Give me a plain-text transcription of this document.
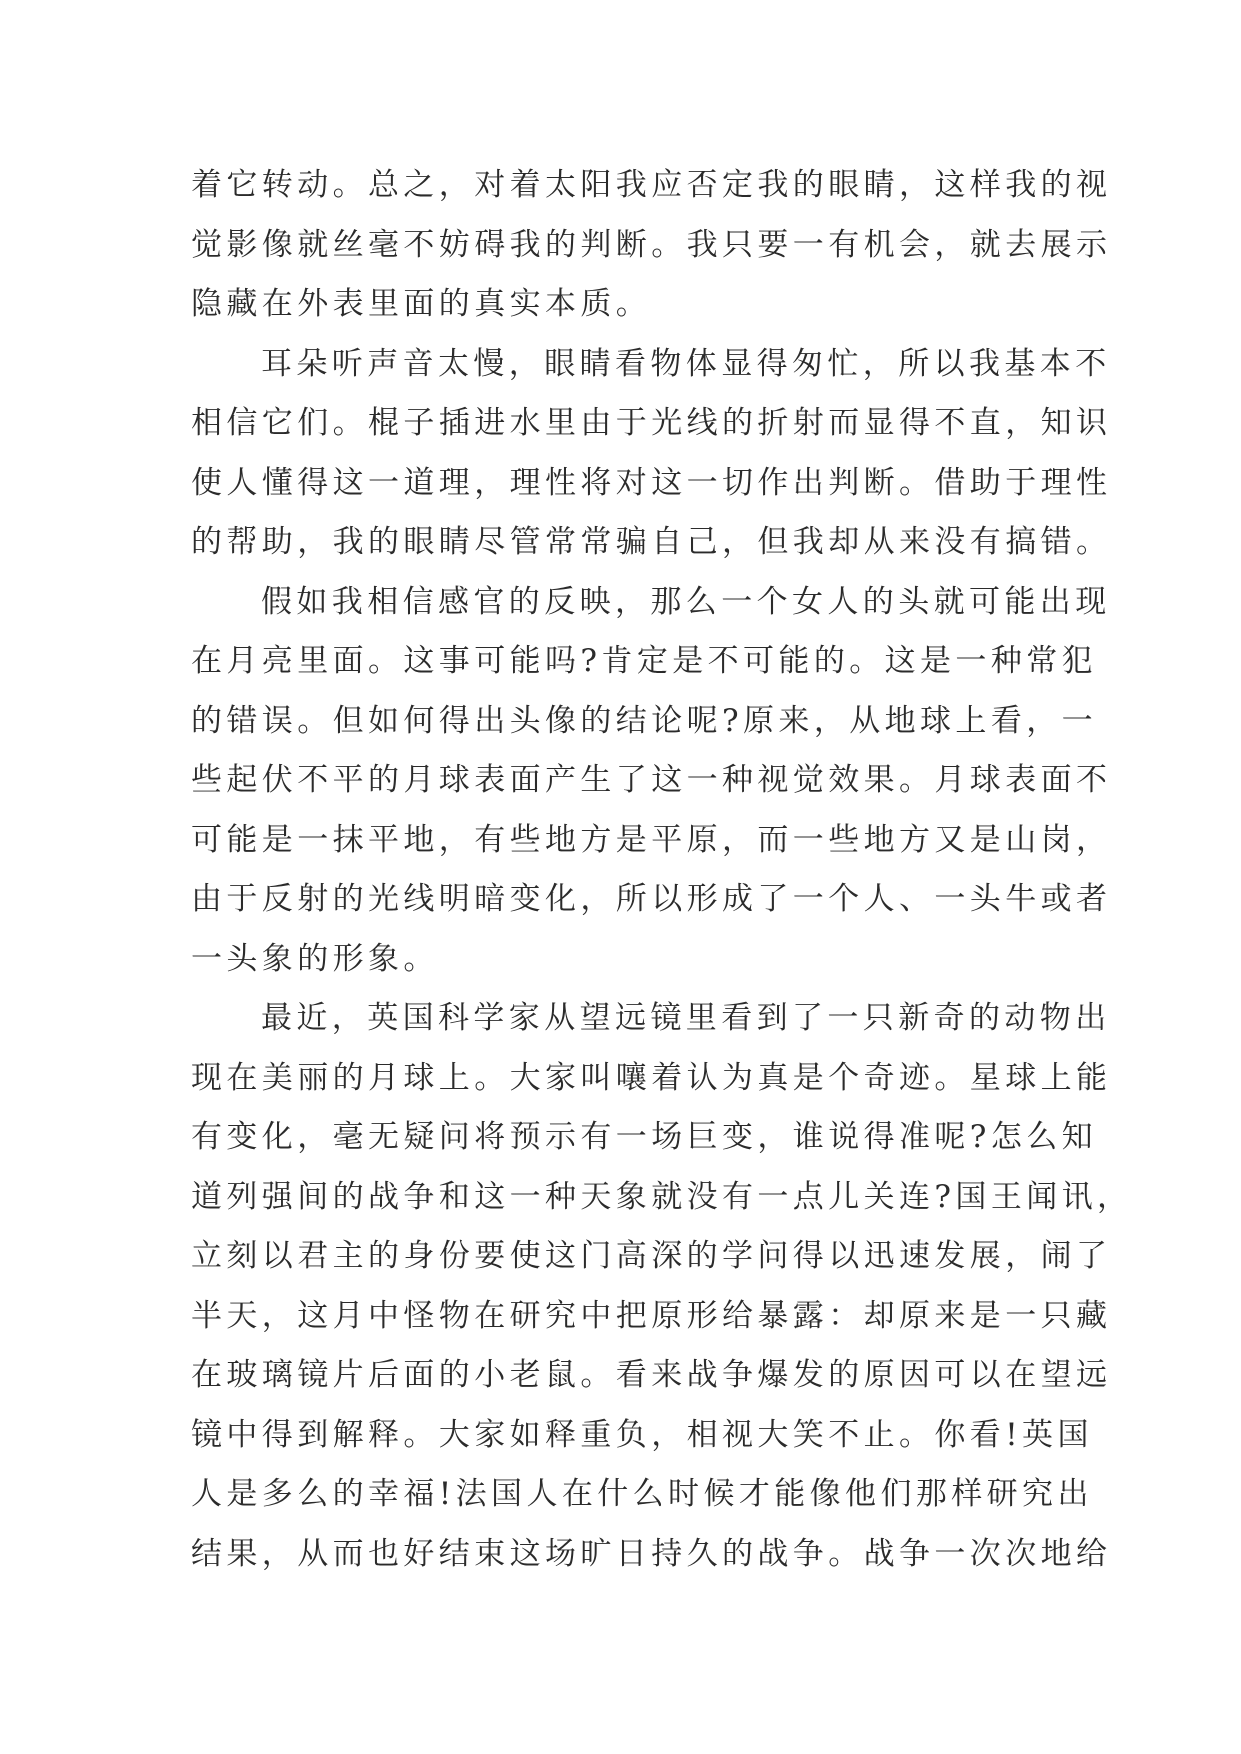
着它转动。总之，对着太阳我应否定我的眼睛，这样我的视
觉影像就丝毫不妨碍我的判断。我只要一有机会，就去展示
隐藏在外表里面的真实本质。
耳朵听声音太慢，眼睛看物体显得匆忙，所以我基本不
相信它们。棍子插进水里由于光线的折射而显得不直，知识
使人懂得这一道理，理性将对这一切作出判断。借助于理性
的帮助，我的眼睛尽管常常骗自己，但我却从来没有搞错。
假如我相信感官的反映，那么一个女人的头就可能出现
在月亮里面。这事可能吗?肯定是不可能的。这是一种常犯
的错误。但如何得出头像的结论呢?原来，从地球上看，一
些起伏不平的月球表面产生了这一种视觉效果。月球表面不
可能是一抹平地，有些地方是平原，而一些地方又是山岗，
由于反射的光线明暗变化，所以形成了一个人、一头牛或者
一头象的形象。
最近，英国科学家从望远镜里看到了一只新奇的动物出
现在美丽的月球上。大家叫嚷着认为真是个奇迹。星球上能
有变化，毫无疑问将预示有一场巨变，谁说得准呢?怎么知
道列强间的战争和这一种天象就没有一点儿关连?国王闻讯，
立刻以君主的身份要使这门高深的学问得以迅速发展，闹了
半天，这月中怪物在研究中把原形给暴露：却原来是一只藏
在玻璃镜片后面的小老鼠。看来战争爆发的原因可以在望远
镜中得到解释。大家如释重负，相视大笑不止。你看!英国
人是多么的幸福!法国人在什么时候才能像他们那样研究出
结果，从而也好结束这场旷日持久的战争。战争一次次地给
